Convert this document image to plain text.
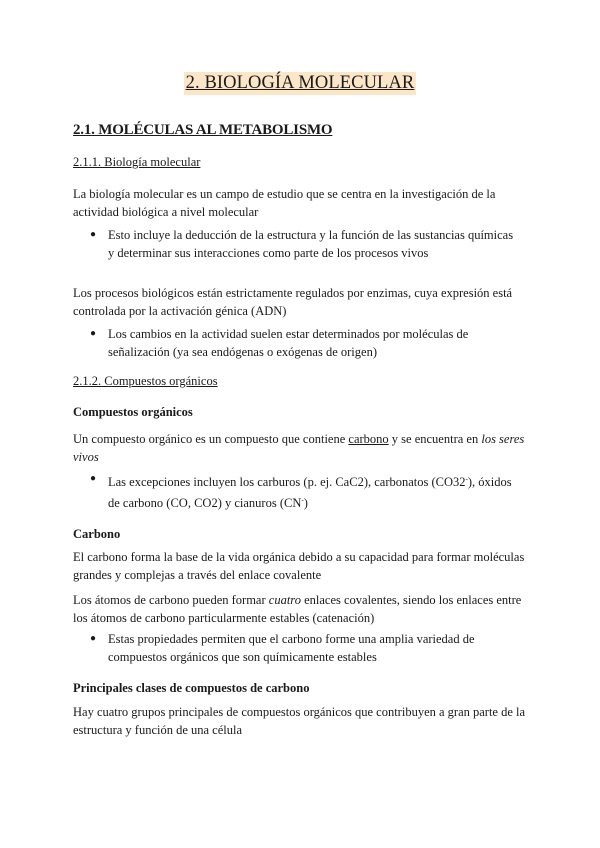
2. BIOLOGÍA MOLECULAR
2.1. MOLÉCULAS AL METABOLISMO
2.1.1. Biología molecular
La biología molecular es un campo de estudio que se centra en la investigación de la actividad biológica a nivel molecular
● Esto incluye la deducción de la estructura y la función de las sustancias químicas y determinar sus interacciones como parte de los procesos vivos
Los procesos biológicos están estrictamente regulados por enzimas, cuya expresión está controlada por la activación génica (ADN)
● Los cambios en la actividad suelen estar determinados por moléculas de señalización (ya sea endógenas o exógenas de origen)
2.1.2. Compuestos orgánicos
Compuestos orgánicos
Un compuesto orgánico es un compuesto que contiene carbono y se encuentra en los seres vivos
● Las excepciones incluyen los carburos (p. ej. CaC2), carbonatos (CO32-), óxidos de carbono (CO, CO2) y cianuros (CN-)
Carbono
El carbono forma la base de la vida orgánica debido a su capacidad para formar moléculas grandes y complejas a través del enlace covalente
Los átomos de carbono pueden formar cuatro enlaces covalentes, siendo los enlaces entre los átomos de carbono particularmente estables (catenación)
● Estas propiedades permiten que el carbono forme una amplia variedad de compuestos orgánicos que son químicamente estables
Principales clases de compuestos de carbono
Hay cuatro grupos principales de compuestos orgánicos que contribuyen a gran parte de la estructura y función de una célula
